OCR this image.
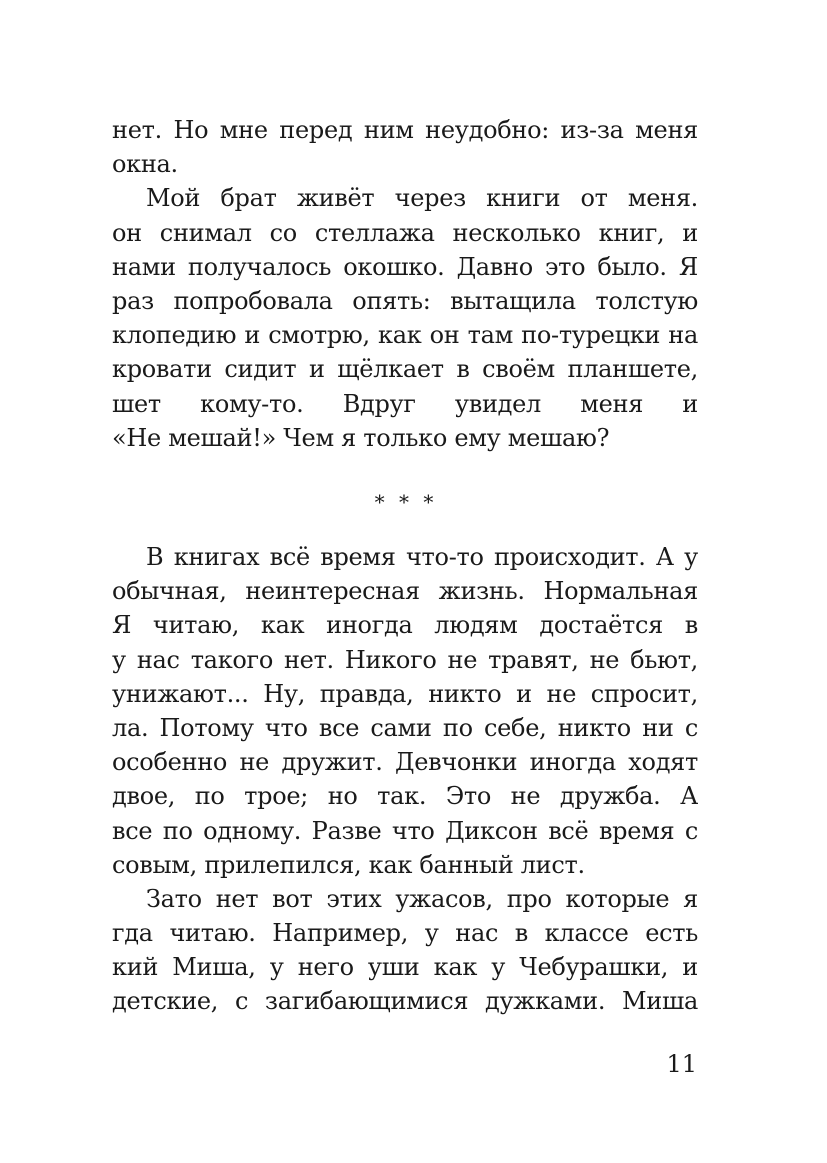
нет. Но мне перед ним неудобно: из-за меня
окна.
Мой брат живёт через книги от меня.
он снимал со стеллажа несколько книг, и
нами получалось окошко. Давно это было. Я
раз попробовала опять: вытащила толстую
клопедию и смотрю, как он там по-турецки на
кровати сидит и щёлкает в своём планшете,
шет кому-то. Вдруг увидел меня и
«Не мешай!» Чем я только ему мешаю?
* * *
В книгах всё время что-то происходит. А у
обычная, неинтересная жизнь. Нормальная
Я читаю, как иногда людям достаётся в
у нас такого нет. Никого не травят, не бьют,
унижают... Ну, правда, никто и не спросит,
ла. Потому что все сами по себе, никто ни с
особенно не дружит. Девчонки иногда ходят
двое, по трое; но так. Это не дружба. А
все по одному. Разве что Диксон всё время с
совым, прилепился, как банный лист.
Зато нет вот этих ужасов, про которые я
гда читаю. Например, у нас в классе есть
кий Миша, у него уши как у Чебурашки, и
детские, с загибающимися дужками. Миша
11
